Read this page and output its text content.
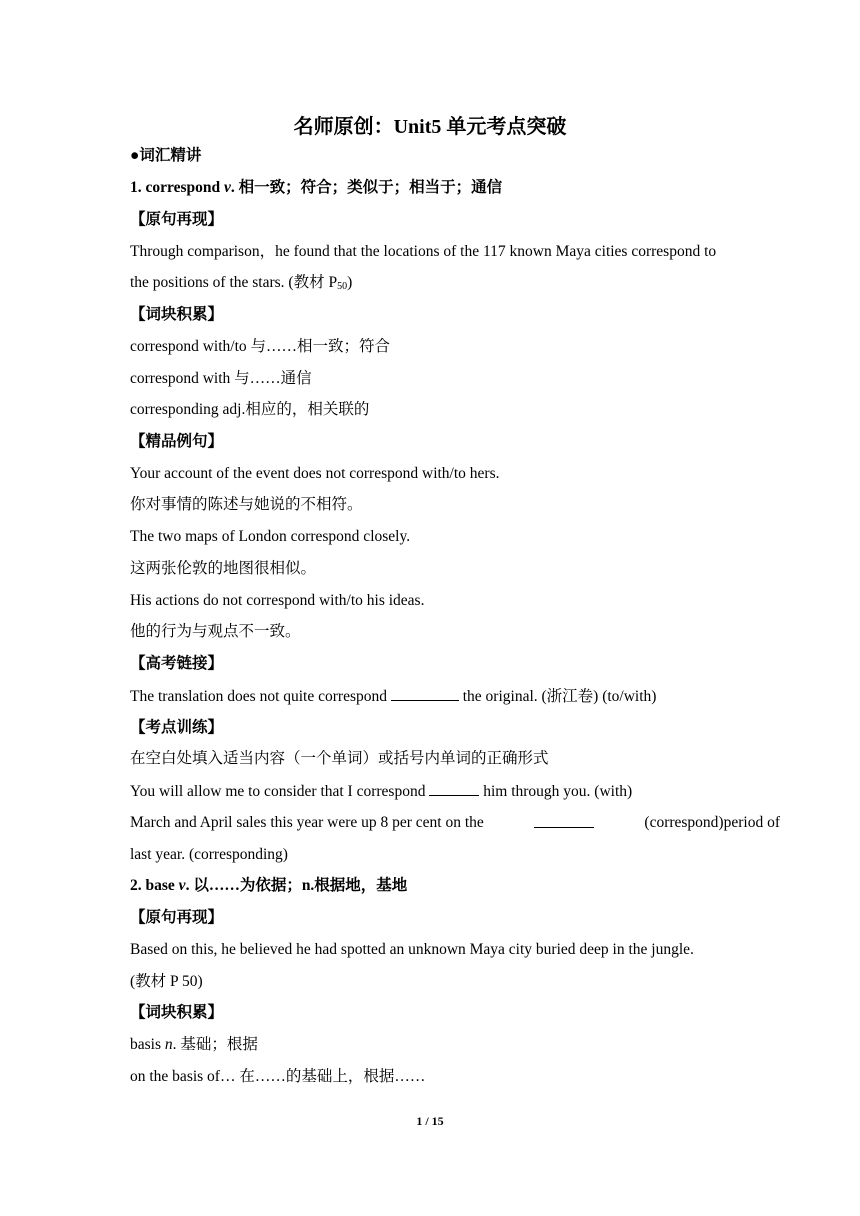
名师原创：Unit5 单元考点突破
●词汇精讲
1. correspond v. 相一致；符合；类似于；相当于；通信
【原句再现】
Through comparison，he found that the locations of the 117 known Maya cities correspond to
the positions of the stars. (教材 $P_{50}$)
【词块积累】
correspond with/to 与……相一致；符合
correspond with 与……通信
corresponding adj.相应的，相关联的
【精品例句】
Your account of the event does not correspond with/to hers.
你对事情的陈述与她说的不相符。
The two maps of London correspond closely.
这两张伦敦的地图很相似。
His actions do not correspond with/to his ideas.
他的行为与观点不一致。
【高考链接】
The translation does not quite correspond	the original. (浙江卷) (to/with)
【考点训练】
在空白处填入适当内容（一个单词）或括号内单词的正确形式
You will allow me to consider that I correspond	him through you. (with)
March and April sales this year were up 8 per cent on the	(correspond)period of
last year. (corresponding)
2. base v. 以……为依据；n.根据地，基地
【原句再现】
Based on this, he believed he had spotted an unknown Maya city buried deep in the jungle.
(教材 P 50)
【词块积累】
basis n. 基础；根据
on the basis of… 在……的基础上，根据……
1 / 15
